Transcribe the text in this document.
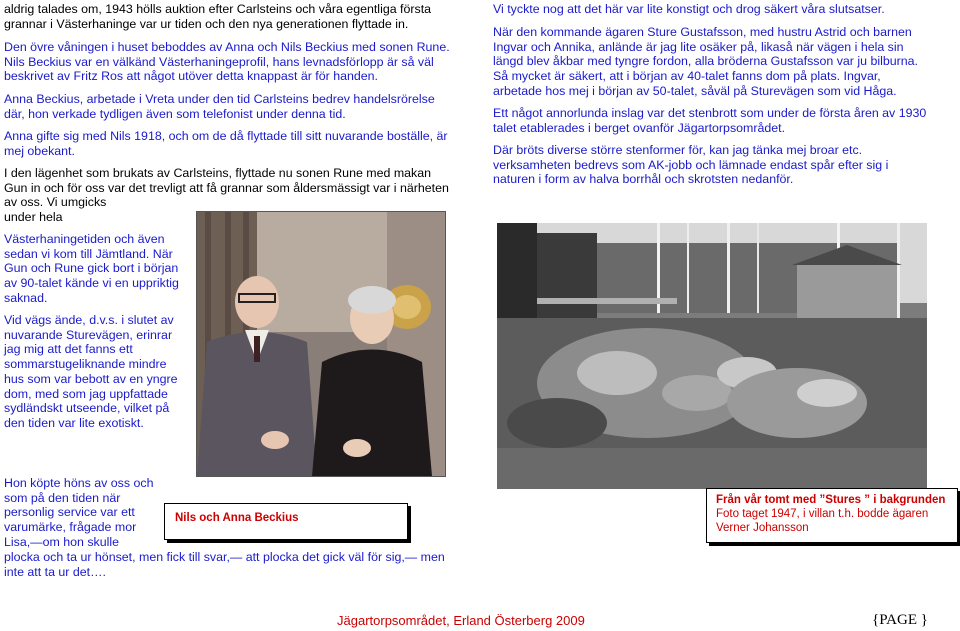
aldrig talades om, 1943 hölls auktion efter Carlsteins och våra egentliga första grannar i Västerhaninge var ur tiden och den nya generationen flyttade in.

Den övre våningen i huset beboddes av Anna och Nils Beckius med sonen Rune. Nils Beckius var en välkänd Västerhaningeprofil, hans levnadsförlopp är så väl beskrivet av Fritz Ros att något utöver detta knappast är för handen.

Anna Beckius, arbetade i Vreta under den tid Carlsteins bedrev handelsrörelse där, hon verkade tydligen även som telefonist under denna tid.

Anna gifte sig med Nils 1918, och om de då flyttade till sitt nuvarande boställe, är mej obekant.

I den lägenhet som brukats av Carlsteins, flyttade nu sonen Rune med makan Gun in och för oss var det trevligt att få grannar som åldersmässigt var i närheten av oss. Vi umgicks

under hela

Västerhaningetiden och även sedan vi kom till Jämtland. När Gun och Rune gick bort i början av 90-talet kände vi en uppriktig saknad.

Vid vägs ände, d.v.s. i slutet av nuvarande Sturevägen, erinrar jag mig att det fanns ett sommarstugeliknande mindre hus som var bebott av en yngre dom, med som jag uppfattade sydländskt utseende, vilket på den tiden var lite exotiskt.

Hon köpte höns av oss och som på den tiden när personlig service var ett varumärke, frågade mor Lisa,—om hon skulle

plocka och ta ur hönset, men fick till svar,— att plocka det gick väl för sig,— men inte att ta ur det….

Nils och Anna Beckius

Vi tyckte nog att det här var lite konstigt och drog säkert våra slutsatser.

När den kommande ägaren Sture Gustafsson, med hustru Astrid och barnen Ingvar och Annika, anlände är jag lite osäker på, likaså när vägen i hela sin längd blev åkbar med tyngre fordon, alla bröderna Gustafsson var ju bilburna. Så mycket är säkert, att i början av 40-talet fanns dom på plats. Ingvar, arbetade hos mej i början av 50-talet, såväl på Sturevägen som vid Håga.

Ett något annorlunda inslag var det stenbrott som under de första åren av 1930 talet etablerades i berget ovanför Jägartorpsområdet.

Där bröts diverse större stenformer för, kan jag tänka mej broar etc. verksamheten bedrevs som AK-jobb och lämnade endast spår efter sig i naturen i form av halva borrhål och skrotsten nedanför.

Från vår tomt med ”Stures ” i bakgrunden
Foto taget 1947, i villan t.h. bodde ägaren
Verner Johansson
Jägartorpsområdet, Erland Österberg 2009	{PAGE }
